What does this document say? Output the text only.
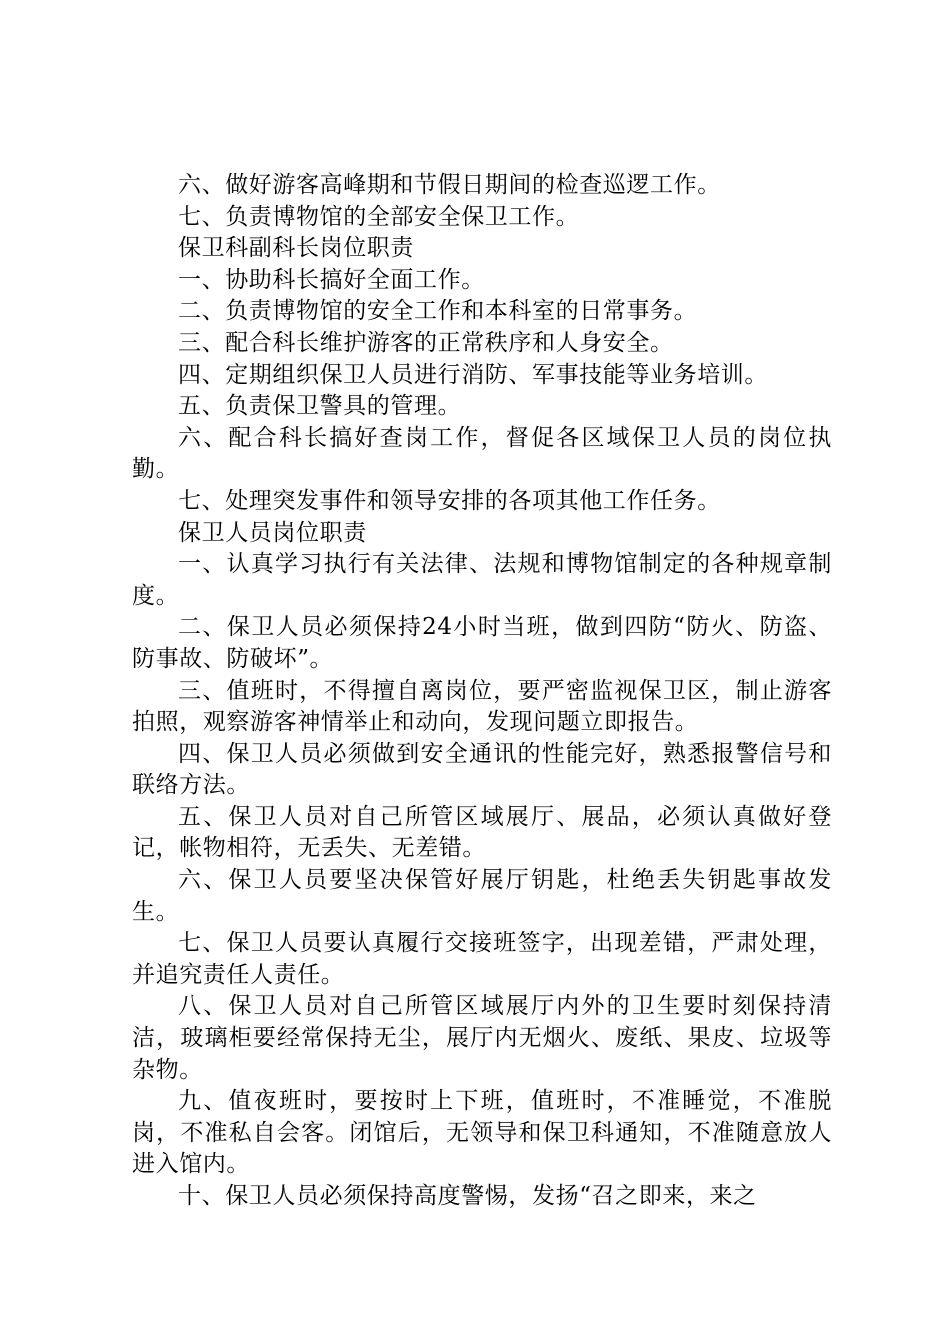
六、做好游客高峰期和节假日期间的检查巡逻工作。

七、负责博物馆的全部安全保卫工作。

保卫科副科长岗位职责

一、协助科长搞好全面工作。

二、负责博物馆的安全工作和本科室的日常事务。

三、配合科长维护游客的正常秩序和人身安全。

四、定期组织保卫人员进行消防、军事技能等业务培训。

五、负责保卫警具的管理。

六、配合科长搞好查岗工作，督促各区域保卫人员的岗位执勤。

七、处理突发事件和领导安排的各项其他工作任务。

保卫人员岗位职责

一、认真学习执行有关法律、法规和博物馆制定的各种规章制度。

二、保卫人员必须保持24小时当班，做到四防“防火、防盗、防事故、防破坏”。

三、值班时，不得擅自离岗位，要严密监视保卫区，制止游客拍照，观察游客神情举止和动向，发现问题立即报告。

四、保卫人员必须做到安全通讯的性能完好，熟悉报警信号和联络方法。

五、保卫人员对自己所管区域展厅、展品，必须认真做好登记，帐物相符，无丢失、无差错。

六、保卫人员要坚决保管好展厅钥匙，杜绝丢失钥匙事故发生。

七、保卫人员要认真履行交接班签字，出现差错，严肃处理，并追究责任人责任。

八、保卫人员对自己所管区域展厅内外的卫生要时刻保持清洁，玻璃柜要经常保持无尘，展厅内无烟火、废纸、果皮、垃圾等杂物。

九、值夜班时，要按时上下班，值班时，不准睡觉，不准脱岗，不准私自会客。闭馆后，无领导和保卫科通知，不准随意放人进入馆内。

十、保卫人员必须保持高度警惕，发扬“召之即来，来之
